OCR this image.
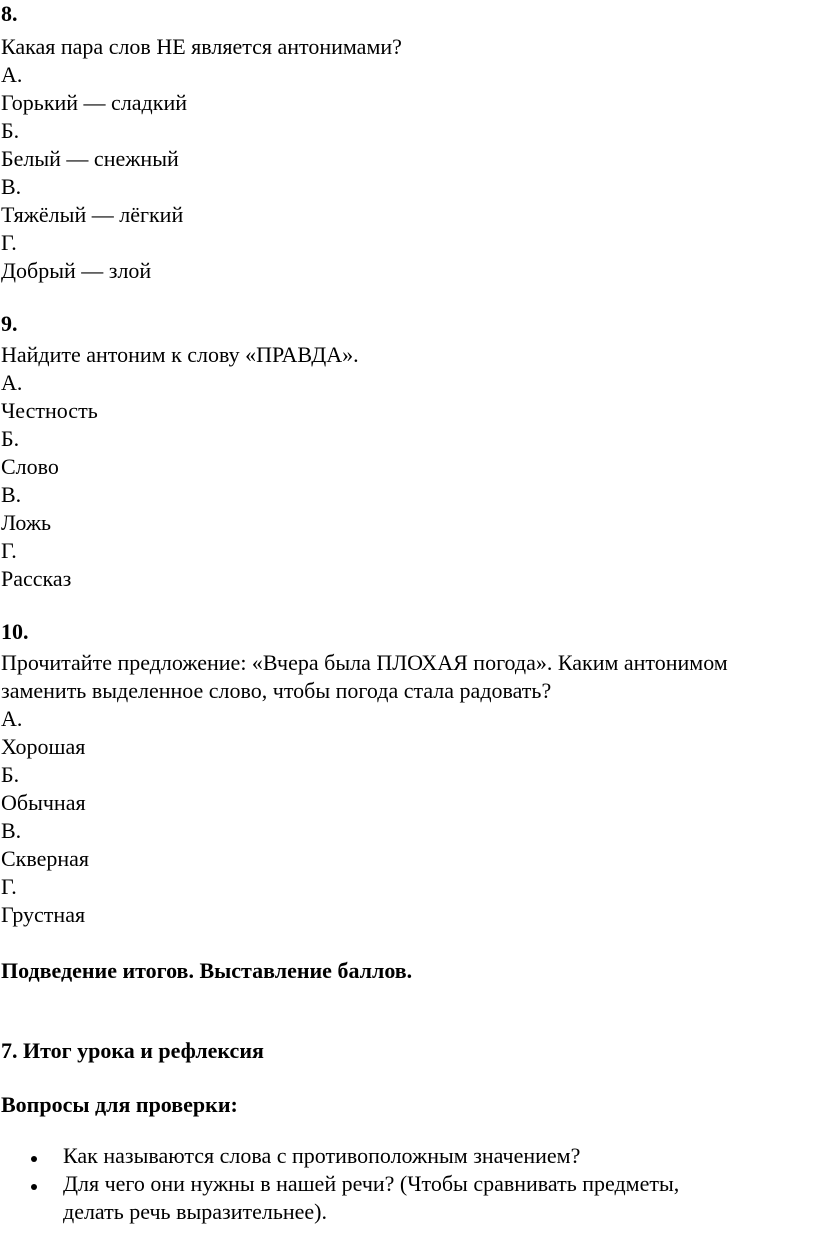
8.
Какая пара слов НЕ является антонимами?
А.
Горький — сладкий
Б.
Белый — снежный
В.
Тяжёлый — лёгкий
Г.
Добрый — злой
9.
Найдите антоним к слову «ПРАВДА».
А.
Честность
Б.
Слово
В.
Ложь
Г.
Рассказ
10.
Прочитайте предложение: «Вчера была ПЛОХАЯ погода». Каким антонимом
заменить выделенное слово, чтобы погода стала радовать?
А.
Хорошая
Б.
Обычная
В.
Скверная
Г.
Грустная
Подведение итогов. Выставление баллов.
7. Итог урока и рефлексия
Вопросы для проверки:
Как называются слова с противоположным значением?
Для чего они нужны в нашей речи? (Чтобы сравнивать предметы,
делать речь выразительнее).
